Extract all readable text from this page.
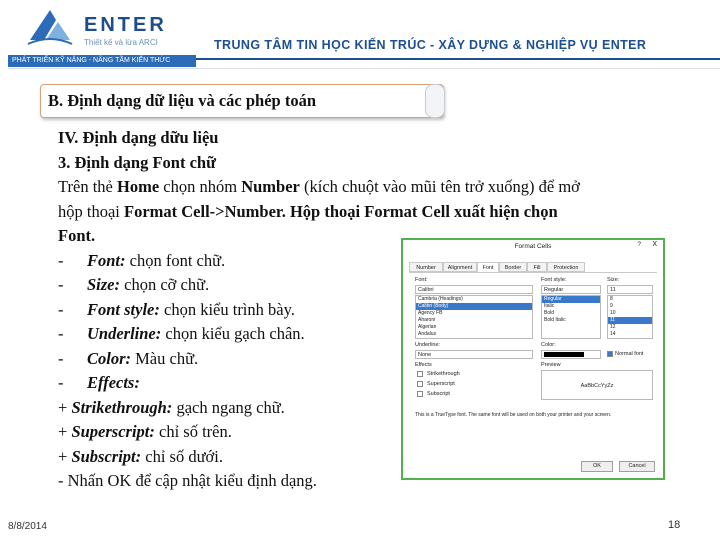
ENTER
Thiết kế và lừa ARCI
PHÁT TRIỂN KỸ NĂNG - NÂNG TẦM KIẾN THỨC
TRUNG TÂM TIN HỌC KIẾN TRÚC - XÂY DỰNG & NGHIỆP VỤ ENTER
B. Định dạng dữ liệu và các phép toán
IV. Định dạng dữu liệu
3. Định dạng Font chữ
Trên thẻ Home chọn nhóm Number (kích chuột vào mũi tên trở xuống) để mở
hộp thoại Format Cell->Number. Hộp thoại Format Cell xuất hiện chọn
Font.
- Font: chọn font chữ.
- Size: chọn cỡ chữ.
- Font style: chọn kiểu trình bày.
- Underline: chọn kiểu gạch chân.
- Color: Màu chữ.
- Effects:
+ Strikethrough: gạch ngang chữ.
+ Superscript: chỉ số trên.
+ Subscript: chỉ số dưới.
- Nhấn OK để cập nhật kiểu định dạng.
Format Cells	? X
Number	Alignment	Font	Border	Fill	Protection
Font:
Calibri
Cambria (Headings)
Calibri (Body)
Agency FB
Aharoni
Algerian
Andalus
Font style:
Regular
Regular
Italic
Bold
Bold Italic
Size:
11
8
9
10
11
12
14
Underline:
None
Color:
Normal font
Effects
Strikethrough
Superscript
Subscript
Preview
AaBbCcYyZz
This is a TrueType font. The same font will be used on both your printer and your screen.
OK	Cancel
8/8/2014	18
